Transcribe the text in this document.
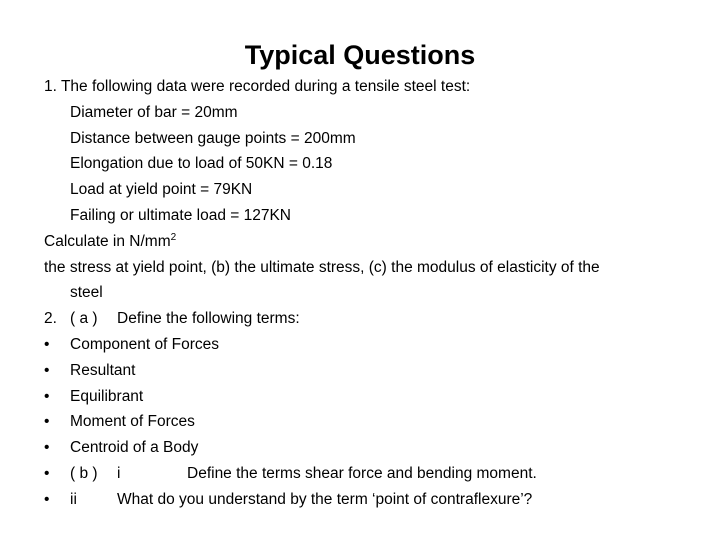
Typical Questions
1. The following data were recorded during a tensile steel test:
Diameter of bar = 20mm
Distance between gauge points = 200mm
Elongation due to load of 50KN = 0.18
Load at yield point = 79KN
Failing or ultimate load = 127KN
Calculate in $N/mm^2$
the stress at yield point, (b) the ultimate stress, (c) the modulus of elasticity of the
steel
2. ( a )	Define the following terms:
•	Component of Forces
•	Resultant
•	Equilibrant
•	Moment of Forces
•	Centroid of a Body
•	( b )	i	Define the terms shear force and bending moment.
•	ii	What do you understand by the term ‘point of contraflexure’?
